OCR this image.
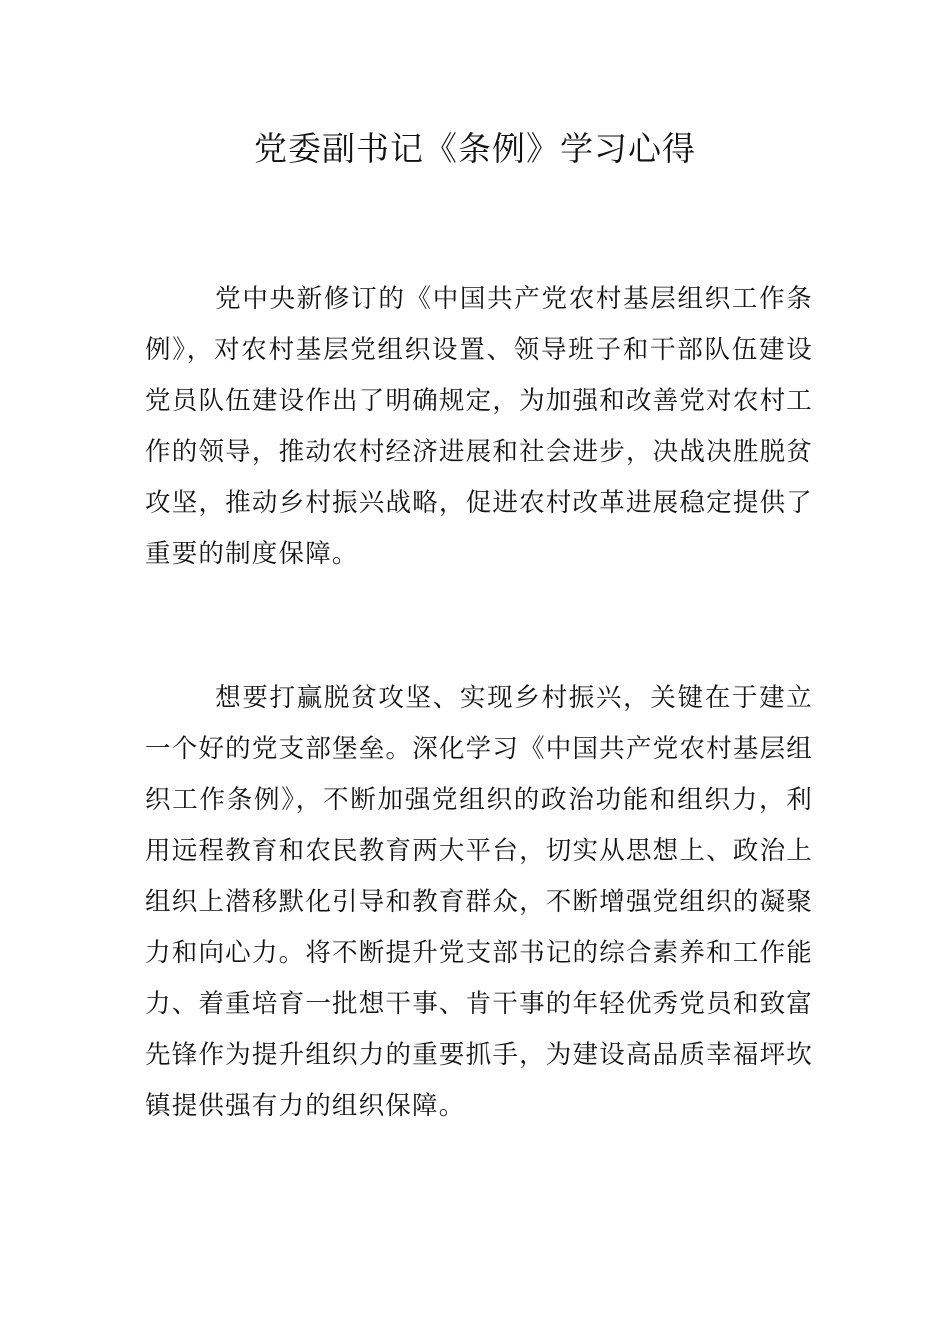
党委副书记《条例》学习心得

党中央新修订的《中国共产党农村基层组织工作条例》，对农村基层党组织设置、领导班子和干部队伍建设党员队伍建设作出了明确规定，为加强和改善党对农村工作的领导，推动农村经济进展和社会进步，决战决胜脱贫攻坚，推动乡村振兴战略，促进农村改革进展稳定提供了重要的制度保障。

想要打赢脱贫攻坚、实现乡村振兴，关键在于建立一个好的党支部堡垒。深化学习《中国共产党农村基层组织工作条例》，不断加强党组织的政治功能和组织力，利用远程教育和农民教育两大平台，切实从思想上、政治上组织上潜移默化引导和教育群众，不断增强党组织的凝聚力和向心力。将不断提升党支部书记的综合素养和工作能力、着重培育一批想干事、肯干事的年轻优秀党员和致富先锋作为提升组织力的重要抓手，为建设高品质幸福坪坎镇提供强有力的组织保障。
